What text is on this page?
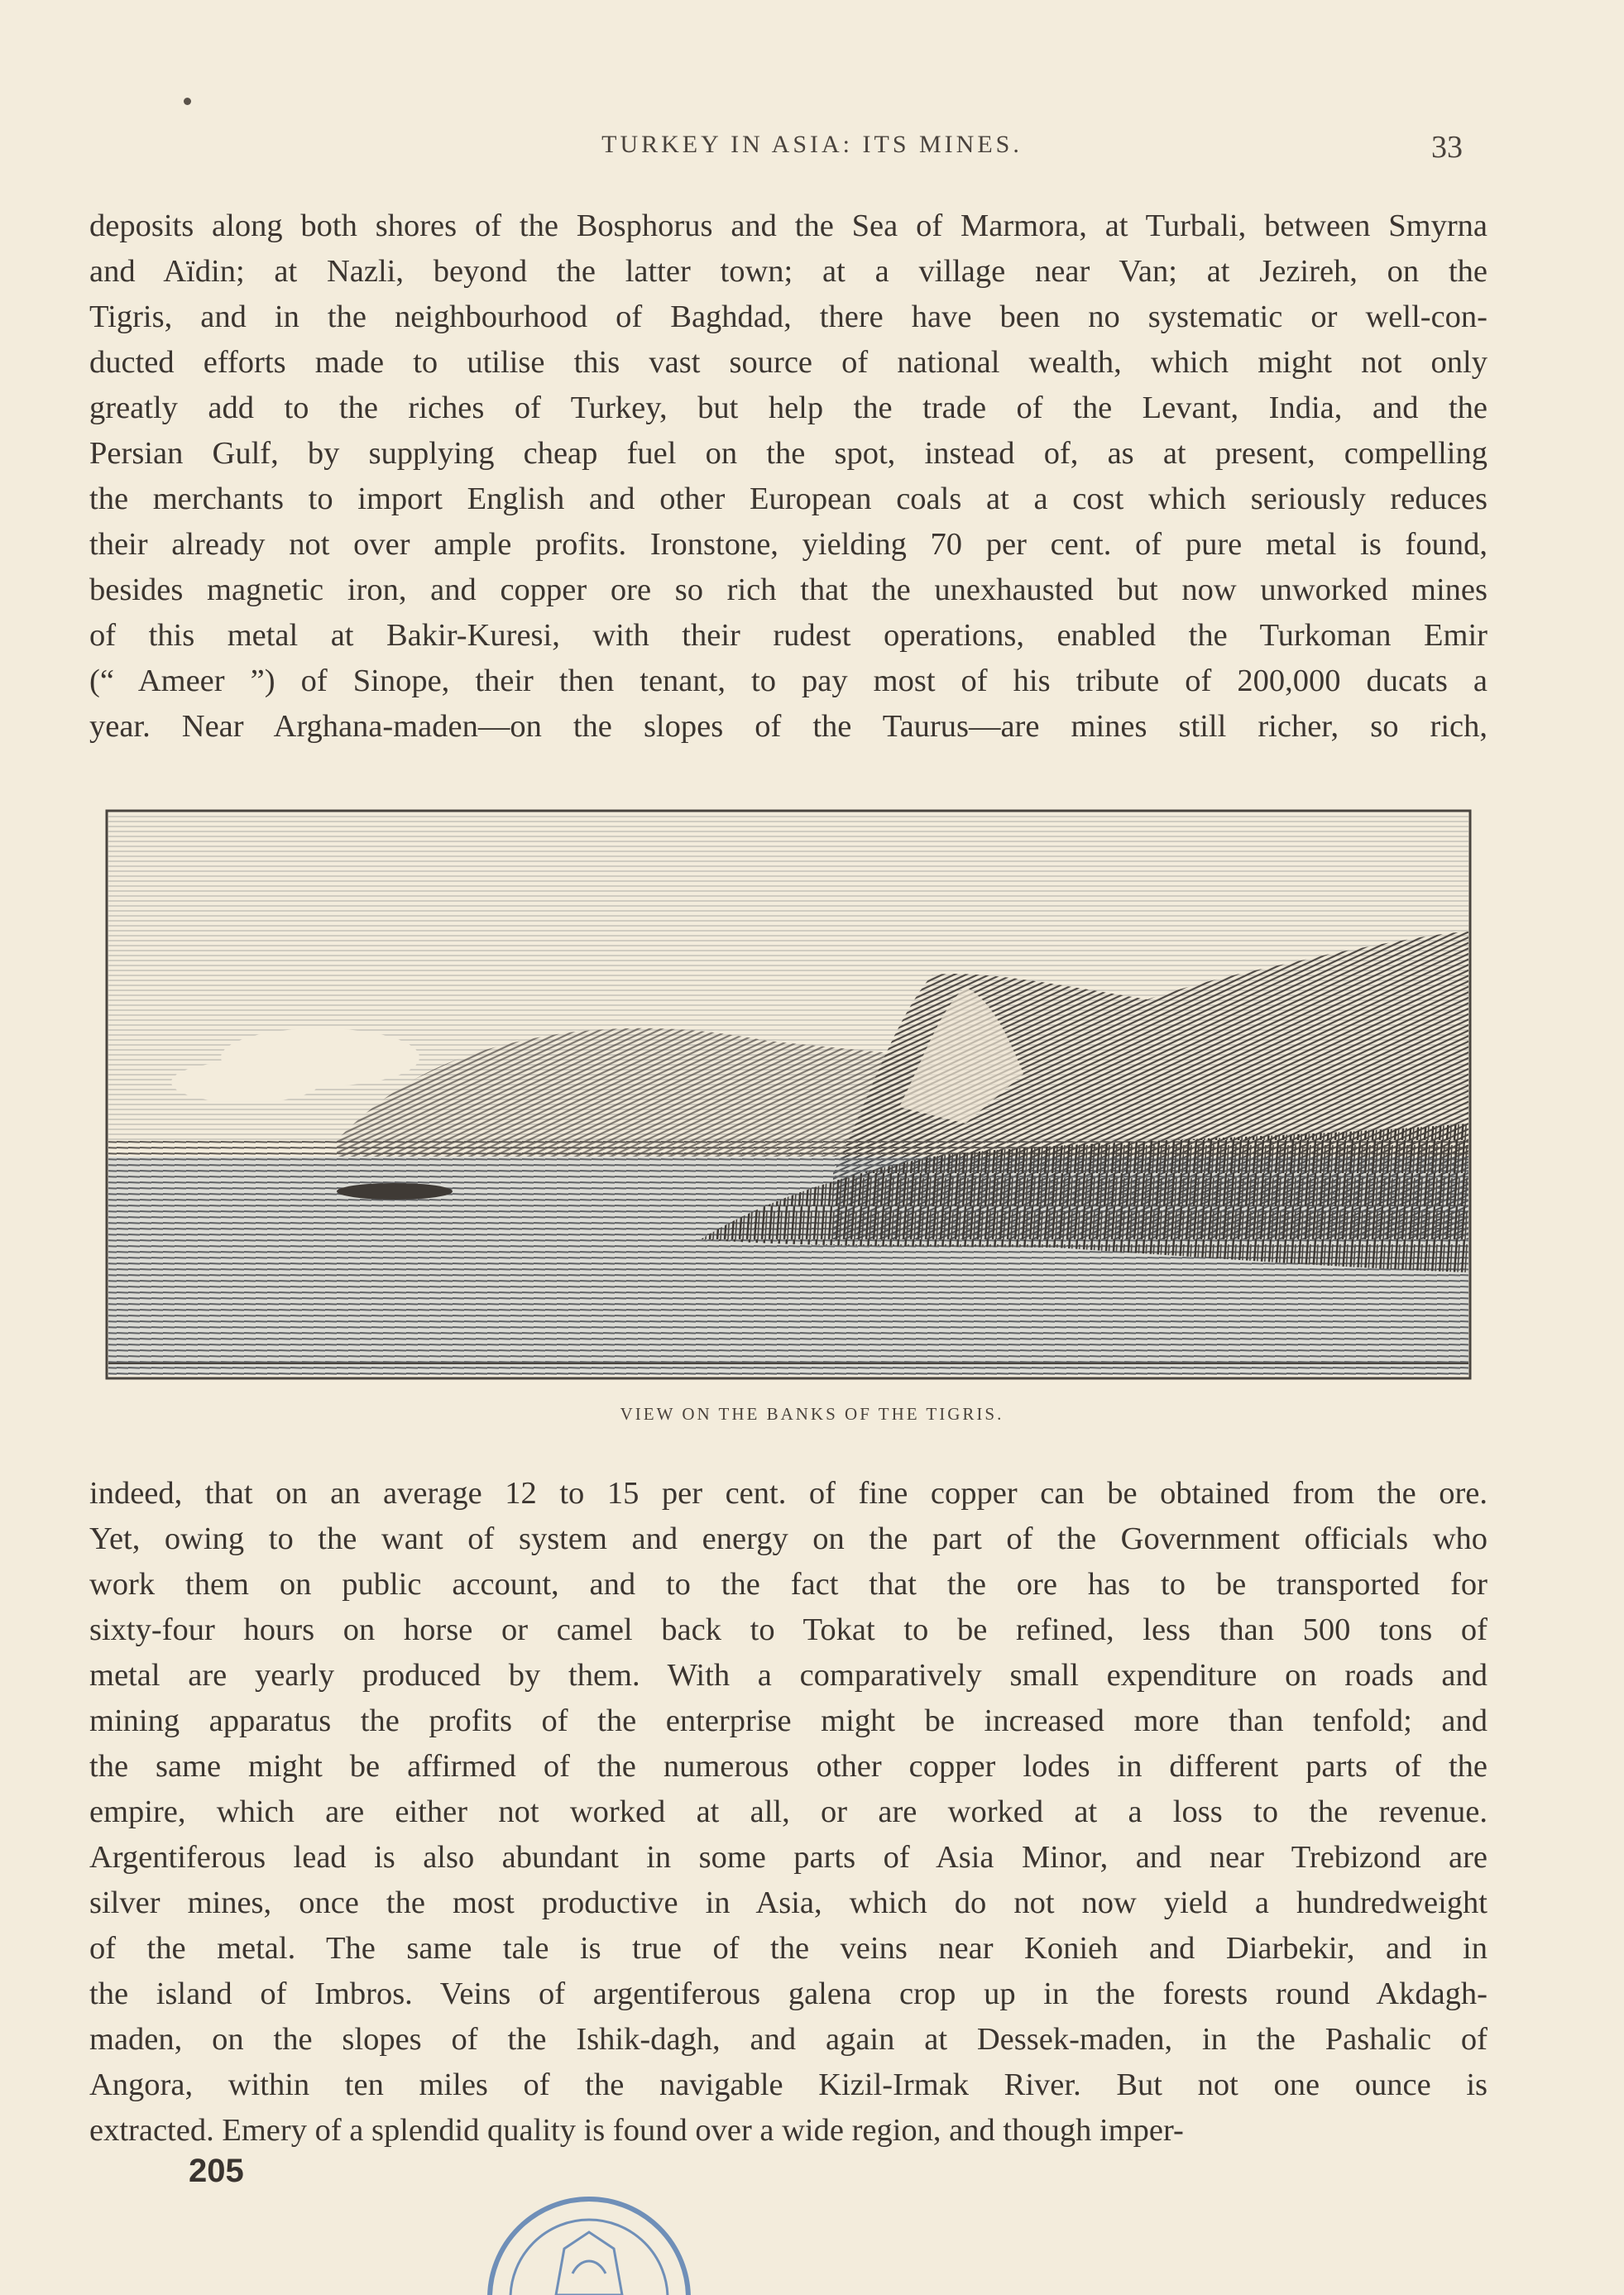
TURKEY IN ASIA: ITS MINES.	33

deposits along both shores of the Bosphorus and the Sea of Marmora, at Turbali, between Smyrna

and Aïdin; at Nazli, beyond the latter town; at a village near Van; at Jezireh, on the

Tigris, and in the neighbourhood of Baghdad, there have been no systematic or well-con-

ducted efforts made to utilise this vast source of national wealth, which might not only

greatly add to the riches of Turkey, but help the trade of the Levant, India, and the

Persian Gulf, by supplying cheap fuel on the spot, instead of, as at present, compelling

the merchants to import English and other European coals at a cost which seriously reduces

their already not over ample profits. Ironstone, yielding 70 per cent. of pure metal is found,

besides magnetic iron, and copper ore so rich that the unexhausted but now unworked mines

of this metal at Bakir-Kuresi, with their rudest operations, enabled the Turkoman Emir

(“ Ameer ”) of Sinope, their then tenant, to pay most of his tribute of 200,000 ducats a

year. Near Arghana-maden—on the slopes of the Taurus—are mines still richer, so rich,

VIEW ON THE BANKS OF THE TIGRIS.

indeed, that on an average 12 to 15 per cent. of fine copper can be obtained from the ore.

Yet, owing to the want of system and energy on the part of the Government officials who

work them on public account, and to the fact that the ore has to be transported for

sixty-four hours on horse or camel back to Tokat to be refined, less than 500 tons of

metal are yearly produced by them. With a comparatively small expenditure on roads and

mining apparatus the profits of the enterprise might be increased more than tenfold; and

the same might be affirmed of the numerous other copper lodes in different parts of the

empire, which are either not worked at all, or are worked at a loss to the revenue.

Argentiferous lead is also abundant in some parts of Asia Minor, and near Trebizond are

silver mines, once the most productive in Asia, which do not now yield a hundredweight

of the metal. The same tale is true of the veins near Konieh and Diarbekir, and in

the island of Imbros. Veins of argentiferous galena crop up in the forests round Akdagh-

maden, on the slopes of the Ishik-dagh, and again at Dessek-maden, in the Pashalic of

Angora, within ten miles of the navigable Kizil-Irmak River. But not one ounce is

extracted. Emery of a splendid quality is found over a wide region, and though imper-

205
